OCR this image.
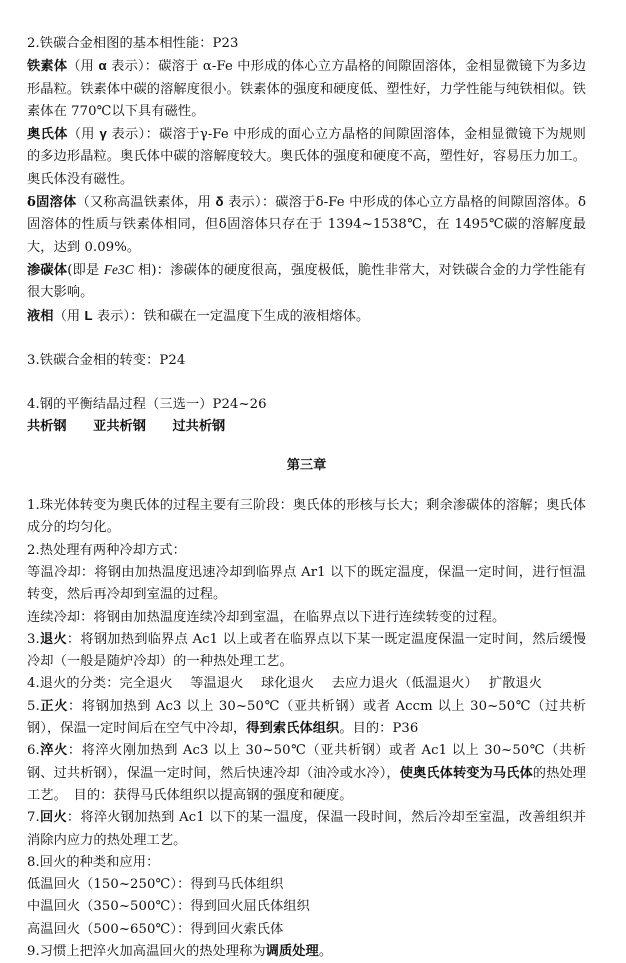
2.铁碳合金相图的基本相性能：P23

铁素体（用 α 表示）：碳溶于 α-Fe 中形成的体心立方晶格的间隙固溶体，金相显微镜下为多边形晶粒。铁素体中碳的溶解度很小。铁素体的强度和硬度低、塑性好，力学性能与纯铁相似。铁素体在 770℃以下具有磁性。

奥氏体（用 γ 表示）：碳溶于γ-Fe 中形成的面心立方晶格的间隙固溶体，金相显微镜下为规则的多边形晶粒。奥氏体中碳的溶解度较大。奥氏体的强度和硬度不高，塑性好，容易压力加工。奥氏体没有磁性。

δ固溶体（又称高温铁素体，用 δ 表示）：碳溶于δ-Fe 中形成的体心立方晶格的间隙固溶体。δ固溶体的性质与铁素体相同，但δ固溶体只存在于 1394~1538℃，在 1495℃碳的溶解度最大，达到 0.09%。

渗碳体(即是 Fe3C 相)：渗碳体的硬度很高，强度极低，脆性非常大，对铁碳合金的力学性能有很大影响。

液相（用 L 表示）：铁和碳在一定温度下生成的液相熔体。

3.铁碳合金相的转变：P24

4.钢的平衡结晶过程（三选一）P24~26

共析钢 亚共析钢 过共析钢

第三章

1.珠光体转变为奥氏体的过程主要有三阶段：奥氏体的形核与长大；剩余渗碳体的溶解；奥氏体成分的均匀化。

2.热处理有两种冷却方式：

等温冷却：将钢由加热温度迅速冷却到临界点 Ar1 以下的既定温度，保温一定时间，进行恒温转变，然后再冷却到室温的过程。

连续冷却：将钢由加热温度连续冷却到室温，在临界点以下进行连续转变的过程。

3.退火：将钢加热到临界点 Ac1 以上或者在临界点以下某一既定温度保温一定时间，然后缓慢冷却（一般是随炉冷却）的一种热处理工艺。

4.退火的分类：完全退火　 等温退火　 球化退火　 去应力退火（低温退火）　 扩散退火

5.正火：将钢加热到 Ac3 以上 30~50℃（亚共析钢）或者 Accm 以上 30~50℃（过共析钢），保温一定时间后在空气中冷却，得到索氏体组织。目的：P36

6.淬火：将淬火刚加热到 Ac3 以上 30~50℃（亚共析钢）或者 Ac1 以上 30~50℃（共析钢、过共析钢），保温一定时间，然后快速冷却（油冷或水冷），使奥氏体转变为马氏体的热处理工艺。　目的：获得马氏体组织以提高钢的强度和硬度。

7.回火：将淬火钢加热到 Ac1 以下的某一温度，保温一段时间，然后冷却至室温，改善组织并消除内应力的热处理工艺。

8.回火的种类和应用：

低温回火（150~250℃）：得到马氏体组织

中温回火（350~500℃）：得到回火屈氏体组织

高温回火（500~650℃）：得到回火索氏体

9.习惯上把淬火加高温回火的热处理称为调质处理。
